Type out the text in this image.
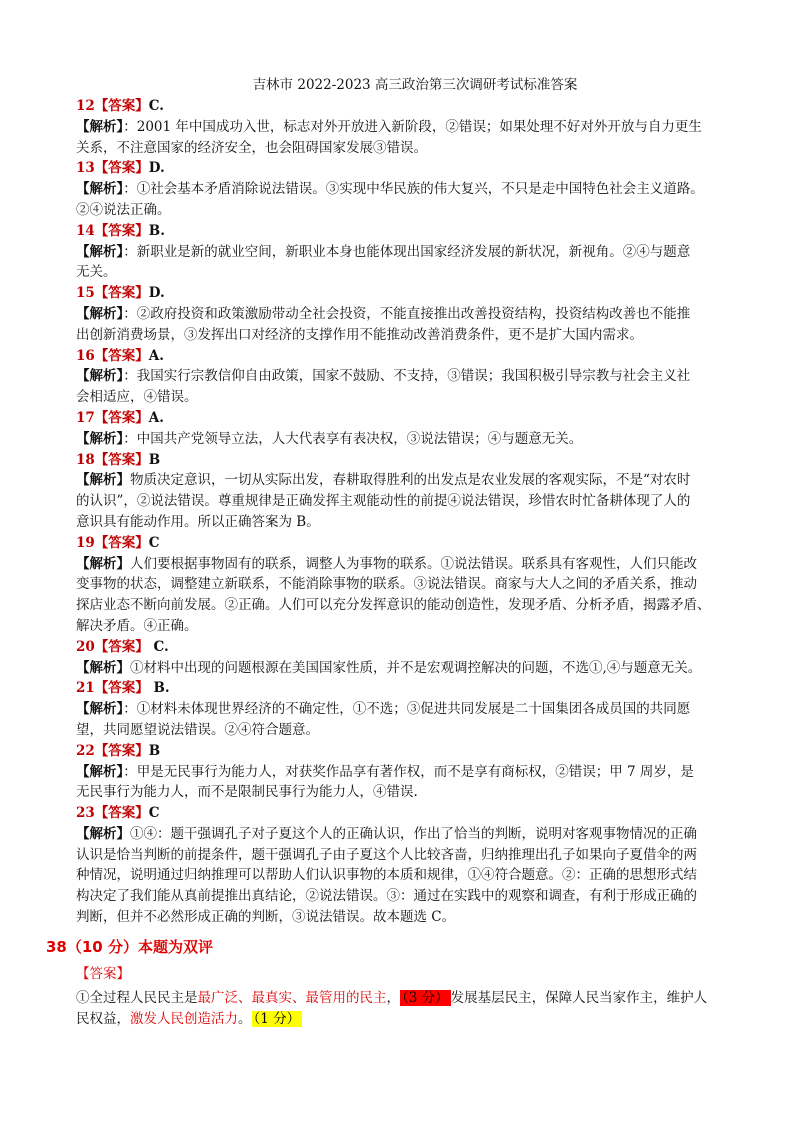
吉林市 2022-2023 高三政治第三次调研考试标准答案
12【答案】C.
【解析】：2001 年中国成功入世，标志对外开放进入新阶段，②错误；如果处理不好对外开放与自力更生
关系，不注意国家的经济安全，也会阻碍国家发展③错误。
13【答案】D.
【解析】：①社会基本矛盾消除说法错误。③实现中华民族的伟大复兴，不只是走中国特色社会主义道路。
②④说法正确。
14【答案】B.
【解析】：新职业是新的就业空间，新职业本身也能体现出国家经济发展的新状况，新视角。②④与题意
无关。
15【答案】D.
【解析】：②政府投资和政策激励带动全社会投资，不能直接推出改善投资结构，投资结构改善也不能推
出创新消费场景，③发挥出口对经济的支撑作用不能推动改善消费条件，更不是扩大国内需求。
16【答案】A.
【解析】：我国实行宗教信仰自由政策，国家不鼓励、不支持，③错误；我国积极引导宗教与社会主义社
会相适应，④错误。
17【答案】A.
【解析】：中国共产党领导立法，人大代表享有表决权，③说法错误；④与题意无关。
18【答案】B
【解析】物质决定意识，一切从实际出发，春耕取得胜利的出发点是农业发展的客观实际，不是“对农时
的认识”，②说法错误。尊重规律是正确发挥主观能动性的前提④说法错误，珍惜农时忙备耕体现了人的
意识具有能动作用。所以正确答案为 B。
19【答案】C
【解析】人们要根据事物固有的联系，调整人为事物的联系。①说法错误。联系具有客观性，人们只能改
变事物的状态，调整建立新联系，不能消除事物的联系。③说法错误。商家与大人之间的矛盾关系，推动
探店业态不断向前发展。②正确。人们可以充分发挥意识的能动创造性，发现矛盾、分析矛盾，揭露矛盾、
解决矛盾。④正确。
20【答案】 C.
【解析】①材料中出现的问题根源在美国国家性质，并不是宏观调控解决的问题，不选①,④与题意无关。
21【答案】 B.
【解析】：①材料未体现世界经济的不确定性，①不选；③促进共同发展是二十国集团各成员国的共同愿
望，共同愿望说法错误。②④符合题意。
22【答案】B
【解析】：甲是无民事行为能力人，对获奖作品享有著作权，而不是享有商标权，②错误；甲 7 周岁，是
无民事行为能力人，而不是限制民事行为能力人，④错误.
23【答案】C
【解析】①④：题干强调孔子对子夏这个人的正确认识，作出了恰当的判断，说明对客观事物情况的正确
认识是恰当判断的前提条件，题干强调孔子由子夏这个人比较吝啬，归纳推理出孔子如果向子夏借伞的两
种情况，说明通过归纳推理可以帮助人们认识事物的本质和规律，①④符合题意。②：正确的思想形式结
构决定了我们能从真前提推出真结论，②说法错误。③：通过在实践中的观察和调查，有利于形成正确的
判断，但并不必然形成正确的判断，③说法错误。故本题选 C。
38（10 分）本题为双评
【答案】
①全过程人民民主是最广泛、最真实、最管用的民主， （3 分） 发展基层民主，保障人民当家作主，维护人
民权益，激发人民创造活力。 （1 分）
